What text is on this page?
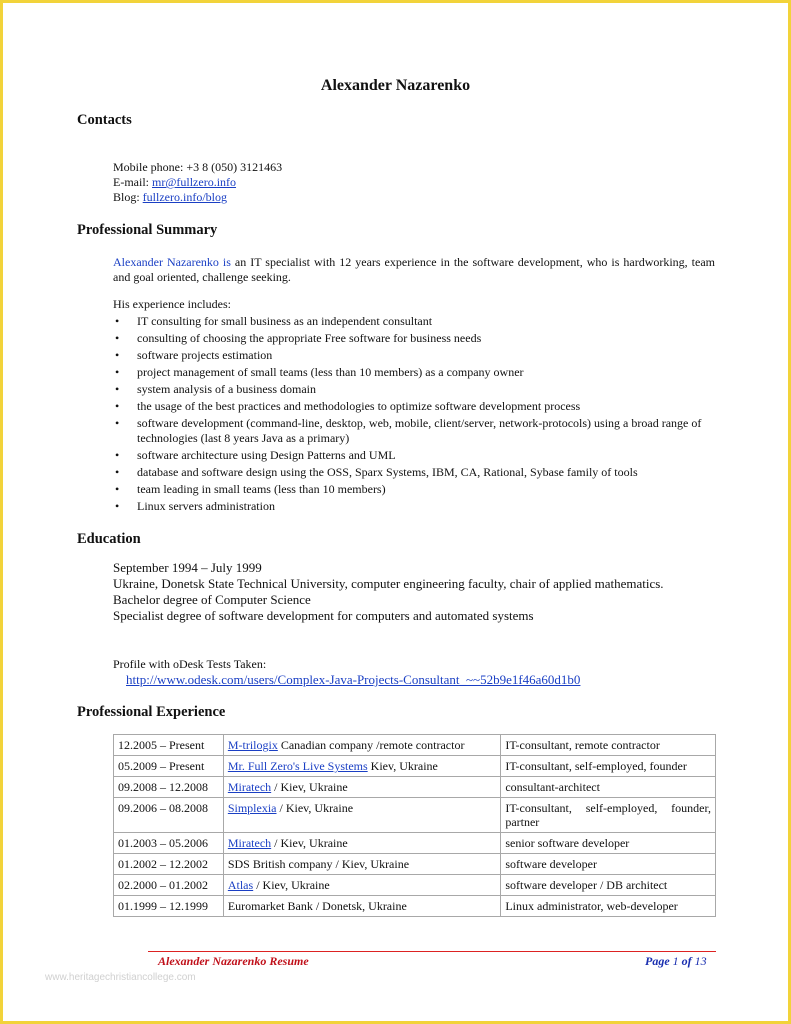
Alexander Nazarenko
Contacts
Mobile phone: +3 8 (050) 3121463
E-mail: mr@fullzero.info
Blog: fullzero.info/blog
Professional Summary
Alexander Nazarenko is an IT specialist with 12 years experience in the software development, who is hardworking, team and goal oriented, challenge seeking.
His experience includes:
• IT consulting for small business as an independent consultant
• consulting of choosing the appropriate Free software for business needs
• software projects estimation
• project management of small teams (less than 10 members) as a company owner
• system analysis of a business domain
• the usage of the best practices and methodologies to optimize software development process
• software development (command-line, desktop, web, mobile, client/server, network-protocols) using a broad range of technologies (last 8 years Java as a primary)
• software architecture using Design Patterns and UML
• database and software design using the OSS, Sparx Systems, IBM, CA, Rational, Sybase family of tools
• team leading in small teams (less than 10 members)
• Linux servers administration
Education
September 1994 – July 1999
Ukraine, Donetsk State Technical University, computer engineering faculty, chair of applied mathematics.
Bachelor degree of Computer Science
Specialist degree of software development for computers and automated systems
Profile with oDesk Tests Taken:
http://www.odesk.com/users/Complex-Java-Projects-Consultant_~~52b9e1f46a60d1b0
Professional Experience
12.2005 – Present	M-trilogix Canadian company /remote contractor	IT-consultant, remote contractor
05.2009 – Present	Mr. Full Zero's Live Systems Kiev, Ukraine	IT-consultant, self-employed, founder
09.2008 – 12.2008	Miratech / Kiev, Ukraine	consultant-architect
09.2006 – 08.2008	Simplexia / Kiev, Ukraine	IT-consultant, self-employed, founder, partner
01.2003 – 05.2006	Miratech / Kiev, Ukraine	senior software developer
01.2002 – 12.2002	SDS British company / Kiev, Ukraine	software developer
02.2000 – 01.2002	Atlas / Kiev, Ukraine	software developer / DB architect
01.1999 – 12.1999	Euromarket Bank / Donetsk, Ukraine	Linux administrator, web-developer
Alexander Nazarenko Resume	Page 1 of 13
www.heritagechristiancollege.com
